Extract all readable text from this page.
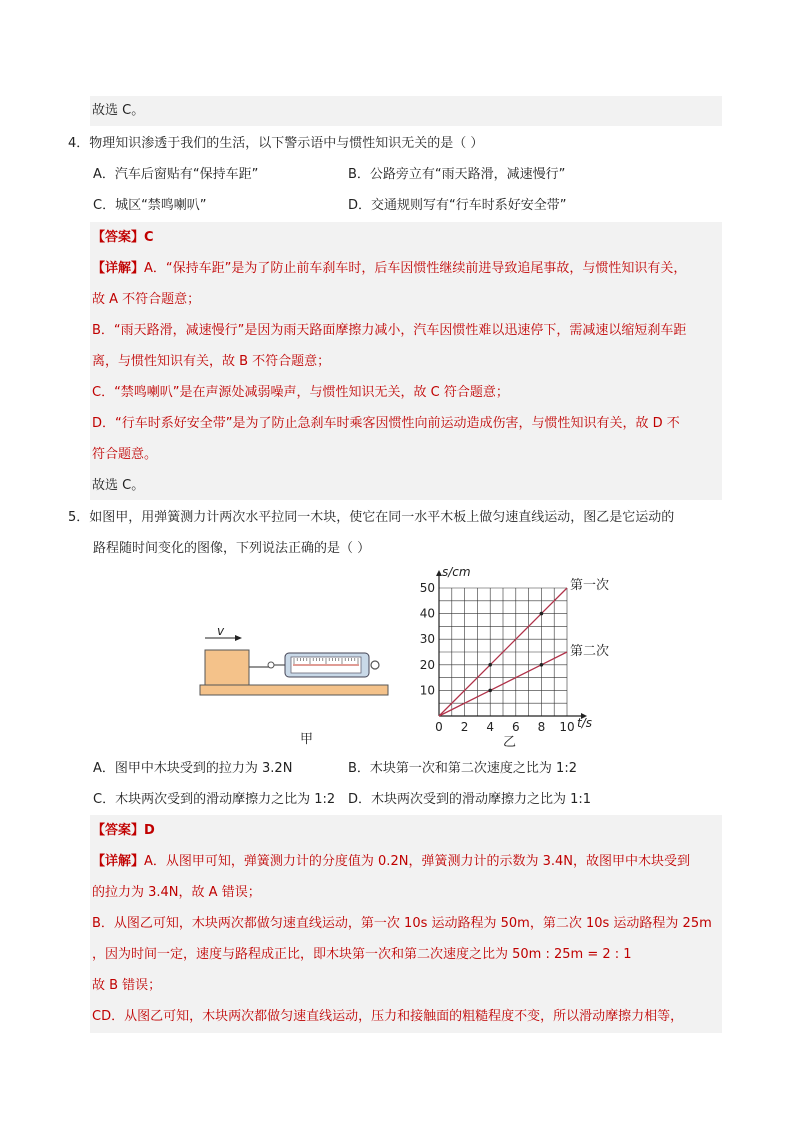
故选 C。
4．物理知识渗透于我们的生活，以下警示语中与惯性知识无关的是（ ）
A．汽车后窗贴有“保持车距”	B．公路旁立有“雨天路滑，减速慢行”
C．城区“禁鸣喇叭”	D．交通规则写有“行车时系好安全带”
【答案】C
【详解】A．“保持车距”是为了防止前车刹车时，后车因惯性继续前进导致追尾事故，与惯性知识有关，
故 A 不符合题意；
B．“雨天路滑，减速慢行”是因为雨天路面摩擦力减小，汽车因惯性难以迅速停下，需减速以缩短刹车距
离，与惯性知识有关，故 B 不符合题意；
C．“禁鸣喇叭”是在声源处减弱噪声，与惯性知识无关，故 C 符合题意；
D．“行车时系好安全带”是为了防止急刹车时乘客因惯性向前运动造成伤害，与惯性知识有关，故 D 不
符合题意。
故选 C。
5．如图甲，用弹簧测力计两次水平拉同一木块，使它在同一水平木板上做匀速直线运动，图乙是它运动的
路程随时间变化的图像，下列说法正确的是（ ）
v
甲
0 2 4 6 8 10
10
20
30
40
50
s/cm
t/s
第一次
第二次
乙
A．图甲中木块受到的拉力为 3.2N	B．木块第一次和第二次速度之比为 1:2
C．木块两次受到的滑动摩擦力之比为 1:2 D．木块两次受到的滑动摩擦力之比为 1:1
【答案】D
【详解】A．从图甲可知，弹簧测力计的分度值为 0.2N，弹簧测力计的示数为 3.4N，故图甲中木块受到
的拉力为 3.4N，故 A 错误；
B．从图乙可知，木块两次都做匀速直线运动，第一次 10s 运动路程为 50m，第二次 10s 运动路程为 25m
，因为时间一定，速度与路程成正比，即木块第一次和第二次速度之比为 50m : 25m = 2 : 1
故 B 错误；
CD．从图乙可知，木块两次都做匀速直线运动，压力和接触面的粗糙程度不变，所以滑动摩擦力相等，
